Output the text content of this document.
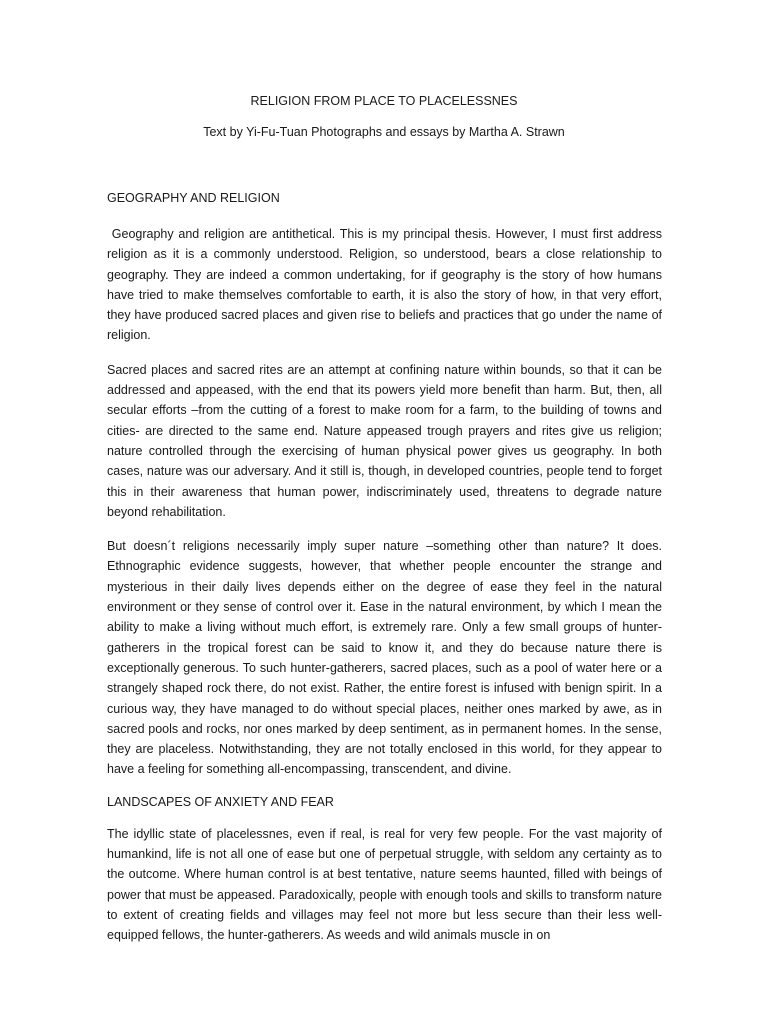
RELIGION FROM PLACE TO PLACELESSNES

Text by Yi-Fu-Tuan Photographs and essays by Martha A. Strawn

GEOGRAPHY AND RELIGION

Geography and religion are antithetical. This is my principal thesis. However, I must first address religion as it is a commonly understood. Religion, so understood, bears a close relationship to geography. They are indeed a common undertaking, for if geography is the story of how humans have tried to make themselves comfortable to earth, it is also the story of how, in that very effort, they have produced sacred places and given rise to beliefs and practices that go under the name of religion.

Sacred places and sacred rites are an attempt at confining nature within bounds, so that it can be addressed and appeased, with the end that its powers yield more benefit than harm. But, then, all secular efforts –from the cutting of a forest to make room for a farm, to the building of towns and cities- are directed to the same end. Nature appeased trough prayers and rites give us religion; nature controlled through the exercising of human physical power gives us geography. In both cases, nature was our adversary. And it still is, though, in developed countries, people tend to forget this in their awareness that human power, indiscriminately used, threatens to degrade nature beyond rehabilitation.

But doesn´t religions necessarily imply super nature –something other than nature? It does. Ethnographic evidence suggests, however, that whether people encounter the strange and mysterious in their daily lives depends either on the degree of ease they feel in the natural environment or they sense of control over it. Ease in the natural environment, by which I mean the ability to make a living without much effort, is extremely rare. Only a few small groups of hunter-gatherers in the tropical forest can be said to know it, and they do because nature there is exceptionally generous. To such hunter-gatherers, sacred places, such as a pool of water here or a strangely shaped rock there, do not exist. Rather, the entire forest is infused with benign spirit. In a curious way, they have managed to do without special places, neither ones marked by awe, as in sacred pools and rocks, nor ones marked by deep sentiment, as in permanent homes. In the sense, they are placeless. Notwithstanding, they are not totally enclosed in this world, for they appear to have a feeling for something all-encompassing, transcendent, and divine.

LANDSCAPES OF ANXIETY AND FEAR

The idyllic state of placelessnes, even if real, is real for very few people. For the vast majority of humankind, life is not all one of ease but one of perpetual struggle, with seldom any certainty as to the outcome. Where human control is at best tentative, nature seems haunted, filled with beings of power that must be appeased. Paradoxically, people with enough tools and skills to transform nature to extent of creating fields and villages may feel not more but less secure than their less well-equipped fellows, the hunter-gatherers. As weeds and wild animals muscle in on
